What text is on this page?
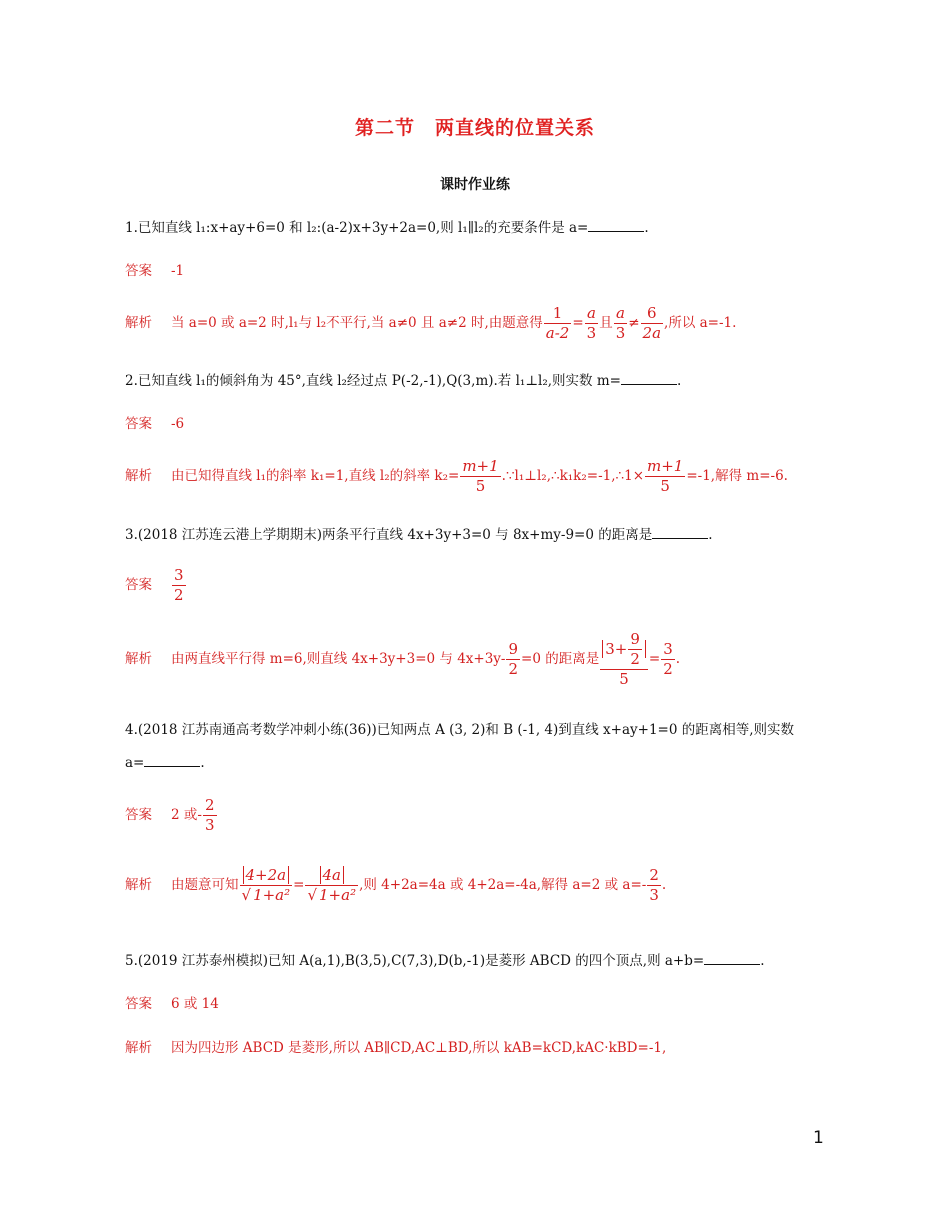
第二节　两直线的位置关系
课时作业练
1.已知直线 l₁:x+ay+6=0 和 l₂:(a-2)x+3y+2a=0,则 l₁∥l₂的充要条件是 a=	.
答案 -1
解析 当 a=0 或 a=2 时,l₁与 l₂不平行,当 a≠0 且 a≠2 时,由题意得 $\frac{1}{a-2} = \frac{a}{3}$ 且 $\frac{a}{3} \ne \frac{6}{2a}$ ,所以 a=-1.
2.已知直线 l₁的倾斜角为 45°,直线 l₂经过点 P(-2,-1),Q(3,m).若 l₁⊥l₂,则实数 m=	.
答案 -6
解析 由已知得直线 l₁的斜率 k₁=1,直线 l₂的斜率 $k_2= \frac{m+1}{5}$ .∵l₁⊥l₂,∴k₁k₂=-1,∴1× $\frac{m+1}{5} =-1$,解得 m=-6.
3.(2018 江苏连云港上学期期末)两条平行直线 4x+3y+3=0 与 8x+my-9=0 的距离是	.
答案 $\frac{3}{2}$
解析 由两直线平行得 m=6,则直线 4x+3y+3=0 与 $4x+3y- \frac{9}{2} =0$ 的距离是 $\frac{3+ \frac{9}{2}}{5} = \frac{3}{2}$ .
4.(2018 江苏南通高考数学冲刺小练(36))已知两点 A (3, 2)和 B (-1, 4)到直线 x+ay+1=0 的距离相等,则实数
a=	.
答案 2 或- $\frac{2}{3}$
解析 由题意可知 $\frac{4+2a}{\text{√ 1+a²}} = \frac{4a}{\text{√ 1+a²}}$ ,则 4+2a=4a 或 4+2a=-4a,解得 a=2 或 $a=- \frac{2}{3}$ .
5.(2019 江苏泰州模拟)已知 A(a,1),B(3,5),C(7,3),D(b,-1)是菱形 ABCD 的四个顶点,则 a+b=	.
答案 6 或 14
解析 因为四边形 ABCD 是菱形,所以 AB∥CD,AC⊥BD,所以 kAB=kCD,kAC·kBD=-1,
1
